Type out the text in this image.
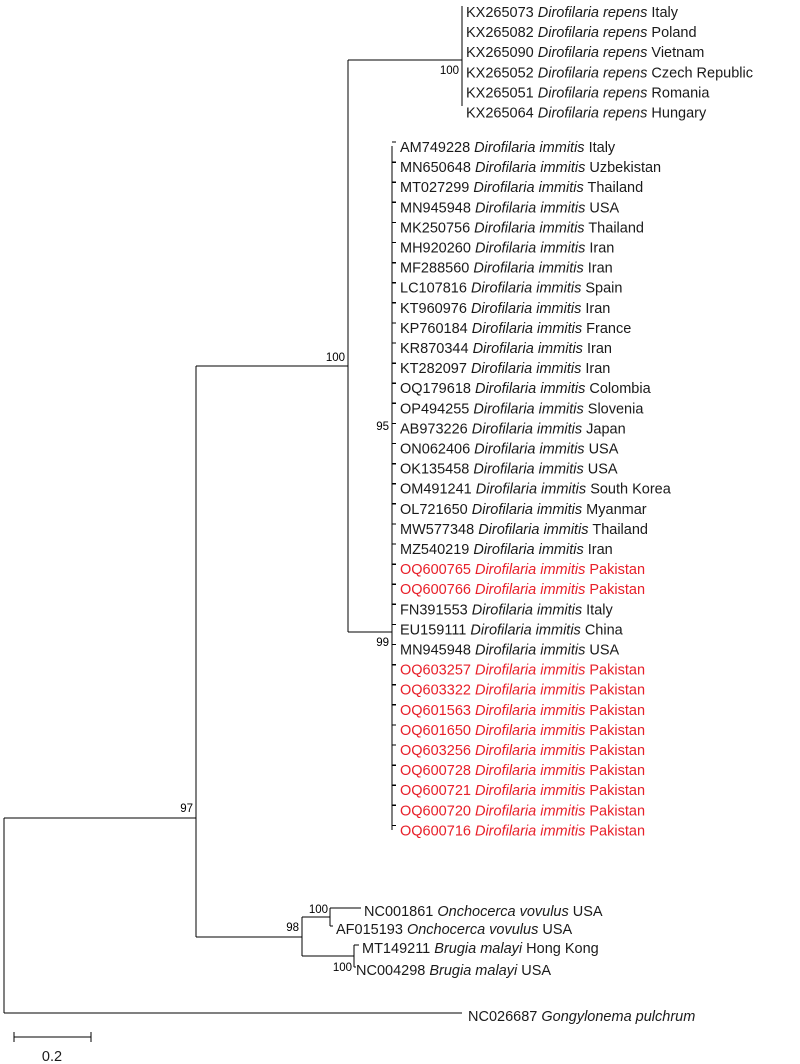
KX265073 Dirofilaria repens Italy
KX265082 Dirofilaria repens Poland
KX265090 Dirofilaria repens Vietnam
KX265052 Dirofilaria repens Czech Republic
KX265051 Dirofilaria repens Romania
KX265064 Dirofilaria repens Hungary
AM749228 Dirofilaria immitis Italy
MN650648 Dirofilaria immitis Uzbekistan
MT027299 Dirofilaria immitis Thailand
MN945948 Dirofilaria immitis USA
MK250756 Dirofilaria immitis Thailand
MH920260 Dirofilaria immitis Iran
MF288560 Dirofilaria immitis Iran
LC107816 Dirofilaria immitis Spain
KT960976 Dirofilaria immitis Iran
KP760184 Dirofilaria immitis France
KR870344 Dirofilaria immitis Iran
KT282097 Dirofilaria immitis Iran
OQ179618 Dirofilaria immitis Colombia
OP494255 Dirofilaria immitis Slovenia
AB973226 Dirofilaria immitis Japan
ON062406 Dirofilaria immitis USA
OK135458 Dirofilaria immitis USA
OM491241 Dirofilaria immitis South Korea
OL721650 Dirofilaria immitis Myanmar
MW577348 Dirofilaria immitis Thailand
MZ540219 Dirofilaria immitis Iran
OQ600765 Dirofilaria immitis Pakistan
OQ600766 Dirofilaria immitis Pakistan
FN391553 Dirofilaria immitis Italy
EU159111 Dirofilaria immitis China
MN945948 Dirofilaria immitis USA
OQ603257 Dirofilaria immitis Pakistan
OQ603322 Dirofilaria immitis Pakistan
OQ601563 Dirofilaria immitis Pakistan
OQ601650 Dirofilaria immitis Pakistan
OQ603256 Dirofilaria immitis Pakistan
OQ600728 Dirofilaria immitis Pakistan
OQ600721 Dirofilaria immitis Pakistan
OQ600720 Dirofilaria immitis Pakistan
OQ600716 Dirofilaria immitis Pakistan
NC001861 Onchocerca vovulus USA
AF015193 Onchocerca vovulus USA
MT149211 Brugia malayi Hong Kong
NC004298 Brugia malayi USA
NC026687 Gongylonema pulchrum
100
100
95
99
97
98
100
100
0.2
